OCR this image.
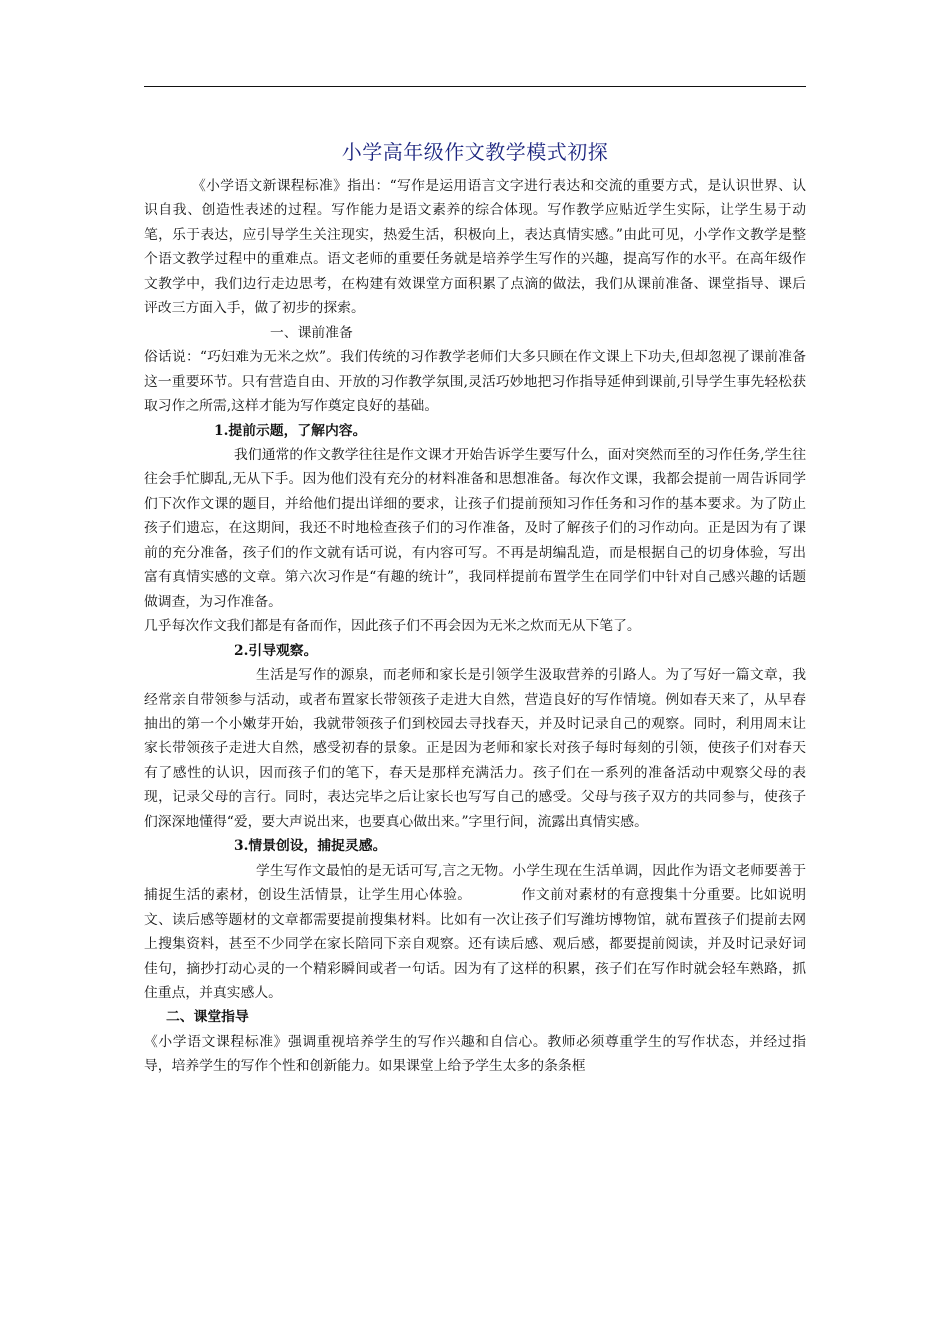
小学高年级作文教学模式初探

《小学语文新课程标准》指出：“写作是运用语言文字进行表达和交流的重要方式，是认识世界、认识自我、创造性表述的过程。写作能力是语文素养的综合体现。写作教学应贴近学生实际，让学生易于动笔，乐于表达，应引导学生关注现实，热爱生活，积极向上，表达真情实感。”由此可见，小学作文教学是整个语文教学过程中的重难点。语文老师的重要任务就是培养学生写作的兴趣，提高写作的水平。在高年级作文教学中，我们边行走边思考，在构建有效课堂方面积累了点滴的做法，我们从课前准备、课堂指导、课后评改三方面入手，做了初步的探索。

一、课前准备

俗话说：“巧妇难为无米之炊”。我们传统的习作教学老师们大多只顾在作文课上下功夫,但却忽视了课前准备这一重要环节。只有营造自由、开放的习作教学氛围,灵活巧妙地把习作指导延伸到课前,引导学生事先轻松获取习作之所需,这样才能为写作奠定良好的基础。

1.提前示题，了解内容。

我们通常的作文教学往往是作文课才开始告诉学生要写什么，面对突然而至的习作任务,学生往往会手忙脚乱,无从下手。因为他们没有充分的材料准备和思想准备。每次作文课，我都会提前一周告诉同学们下次作文课的题目，并给他们提出详细的要求，让孩子们提前预知习作任务和习作的基本要求。为了防止孩子们遗忘，在这期间，我还不时地检查孩子们的习作准备，及时了解孩子们的习作动向。正是因为有了课前的充分准备，孩子们的作文就有话可说，有内容可写。不再是胡编乱造，而是根据自己的切身体验，写出富有真情实感的文章。第六次习作是“有趣的统计”，我同样提前布置学生在同学们中针对自己感兴趣的话题做调查，为习作准备。

几乎每次作文我们都是有备而作，因此孩子们不再会因为无米之炊而无从下笔了。

2.引导观察。

生活是写作的源泉，而老师和家长是引领学生汲取营养的引路人。为了写好一篇文章，我经常亲自带领参与活动，或者布置家长带领孩子走进大自然，营造良好的写作情境。例如春天来了，从早春抽出的第一个小嫩芽开始，我就带领孩子们到校园去寻找春天，并及时记录自己的观察。同时，利用周末让家长带领孩子走进大自然，感受初春的景象。正是因为老师和家长对孩子每时每刻的引领，使孩子们对春天有了感性的认识，因而孩子们的笔下，春天是那样充满活力。孩子们在一系列的准备活动中观察父母的表现，记录父母的言行。同时，表达完毕之后让家长也写写自己的感受。父母与孩子双方的共同参与，使孩子们深深地懂得“爱，要大声说出来，也要真心做出来。”字里行间，流露出真情实感。

3.情景创设，捕捉灵感。

学生写作文最怕的是无话可写,言之无物。小学生现在生活单调，因此作为语文老师要善于捕捉生活的素材，创设生活情景，让学生用心体验。　　　　作文前对素材的有意搜集十分重要。比如说明文、读后感等题材的文章都需要提前搜集材料。比如有一次让孩子们写潍坊博物馆，就布置孩子们提前去网上搜集资料，甚至不少同学在家长陪同下亲自观察。还有读后感、观后感，都要提前阅读，并及时记录好词佳句，摘抄打动心灵的一个精彩瞬间或者一句话。因为有了这样的积累，孩子们在写作时就会轻车熟路，抓住重点，并真实感人。

二、课堂指导

《小学语文课程标准》强调重视培养学生的写作兴趣和自信心。教师必须尊重学生的写作状态，并经过指导，培养学生的写作个性和创新能力。如果课堂上给予学生太多的条条框
